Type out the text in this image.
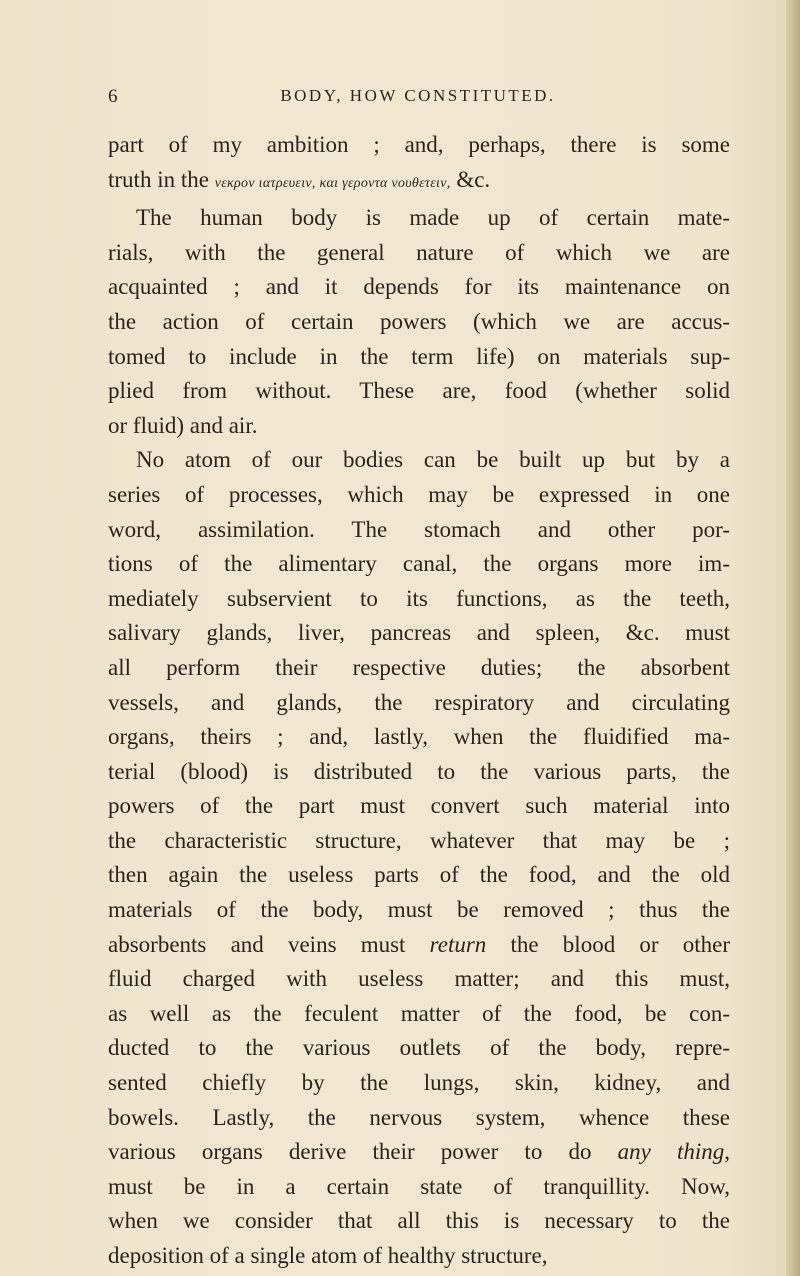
6	BODY, HOW CONSTITUTED.
part of my ambition ; and, perhaps, there is some
truth in the νεκρον ιατρευειν, και γεροντα νουθετειν, &c.
The human body is made up of certain mate-
rials, with the general nature of which we are
acquainted ; and it depends for its maintenance on
the action of certain powers (which we are accus-
tomed to include in the term life) on materials sup-
plied from without. These are, food (whether solid
or fluid) and air.
No atom of our bodies can be built up but by a
series of processes, which may be expressed in one
word, assimilation. The stomach and other por-
tions of the alimentary canal, the organs more im-
mediately subservient to its functions, as the teeth,
salivary glands, liver, pancreas and spleen, &c. must
all perform their respective duties; the absorbent
vessels, and glands, the respiratory and circulating
organs, theirs ; and, lastly, when the fluidified ma-
terial (blood) is distributed to the various parts, the
powers of the part must convert such material into
the characteristic structure, whatever that may be ;
then again the useless parts of the food, and the old
materials of the body, must be removed ; thus the
absorbents and veins must return the blood or other
fluid charged with useless matter; and this must,
as well as the feculent matter of the food, be con-
ducted to the various outlets of the body, repre-
sented chiefly by the lungs, skin, kidney, and
bowels. Lastly, the nervous system, whence these
various organs derive their power to do any thing,
must be in a certain state of tranquillity. Now,
when we consider that all this is necessary to the
deposition of a single atom of healthy structure,
